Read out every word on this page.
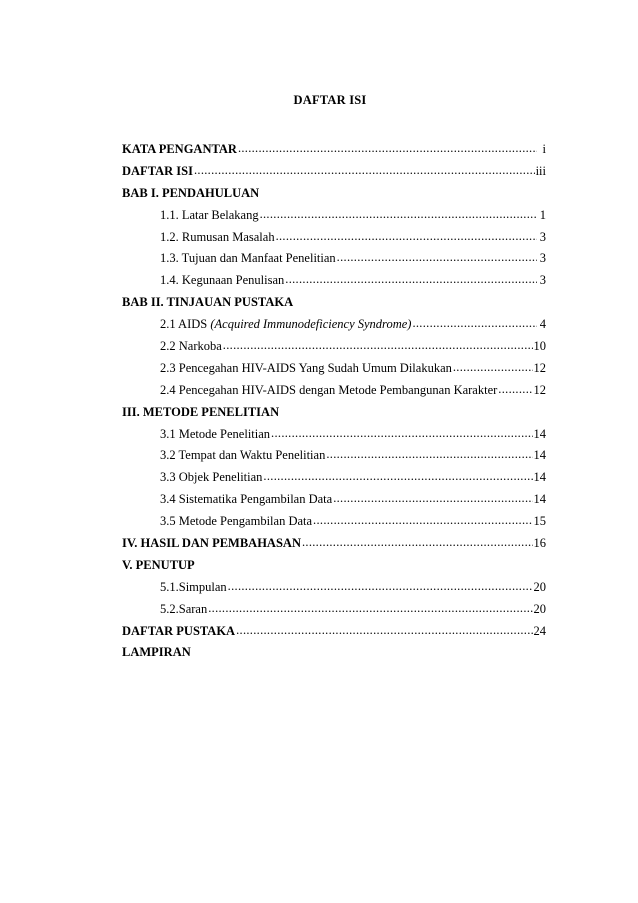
DAFTAR ISI
KATA PENGANTAR .....	i
DAFTAR ISI .....	iii
BAB I. PENDAHULUAN
1.1. Latar Belakang .....	1
1.2. Rumusan Masalah .....	3
1.3. Tujuan dan Manfaat Penelitian .....	3
1.4. Kegunaan Penulisan .....	3
BAB II. TINJAUAN PUSTAKA
2.1 AIDS (Acquired Immunodeficiency Syndrome) .....	4
2.2 Narkoba .....	10
2.3 Pencegahan HIV-AIDS Yang Sudah Umum Dilakukan .....	12
2.4 Pencegahan HIV-AIDS dengan Metode Pembangunan Karakter .....	12
III. METODE PENELITIAN
3.1 Metode Penelitian .....	14
3.2 Tempat dan Waktu Penelitian .....	14
3.3 Objek Penelitian .....	14
3.4 Sistematika Pengambilan Data .....	14
3.5 Metode Pengambilan Data .....	15
IV. HASIL DAN PEMBAHASAN .....	16
V. PENUTUP
5.1.Simpulan .....	20
5.2.Saran .....	20
DAFTAR PUSTAKA .....	24
LAMPIRAN
